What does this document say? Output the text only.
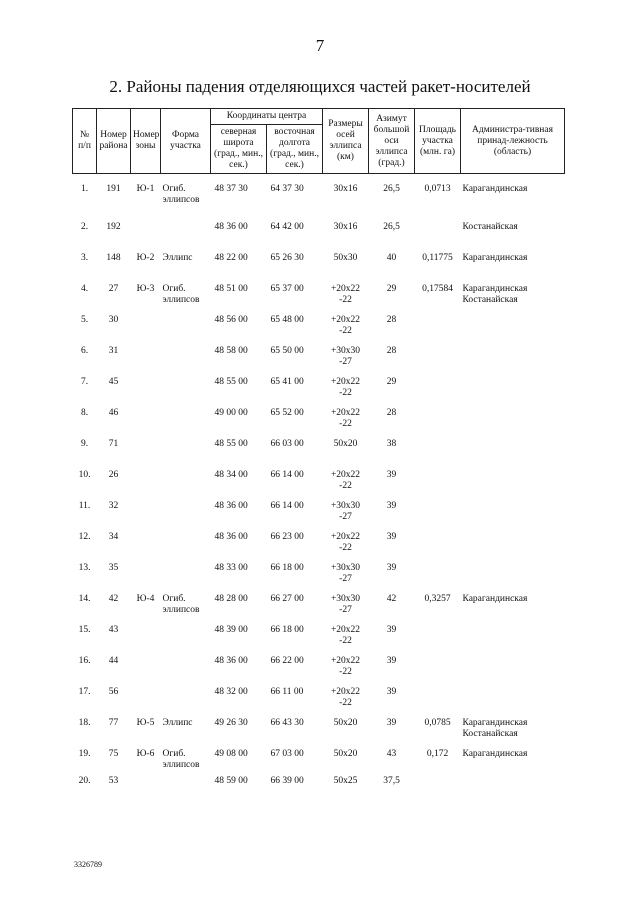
7
2. Районы падения отделяющихся частей ракет-носителей
№ п/п	Номер района	Номер зоны	Форма участка	Координаты центра		Размеры осей эллипса (км)	Азимут большой оси эллипса (град.)	Площадь участка (млн. га)	Администра-тивная принад-лежность (область)
				северная широта (град., мин., сек.)	восточная долгота (град., мин., сек.)				

1.	191	Ю-1	Огиб. эллипсов	48 37 30	64 37 30	30x16	26,5	0,0713	Карагандинская
2.	192			48 36 00	64 42 00	30x16	26,5		Костанайская
3.	148	Ю-2	Эллипс	48 22 00	65 26 30	50x30	40	0,11775	Карагандинская
4.	27	Ю-3	Огиб. эллипсов	48 51 00	65 37 00	+20x22 -22	29	0,17584	Карагандинская Костанайская
5.	30			48 56 00	65 48 00	+20x22 -22	28		
6.	31			48 58 00	65 50 00	+30x30 -27	28		
7.	45			48 55 00	65 41 00	+20x22 -22	29		
8.	46			49 00 00	65 52 00	+20x22 -22	28		
9.	71			48 55 00	66 03 00	50x20	38		
10.	26			48 34 00	66 14 00	+20x22 -22	39		
11.	32			48 36 00	66 14 00	+30x30 -27	39		
12.	34			48 36 00	66 23 00	+20x22 -22	39		
13.	35			48 33 00	66 18 00	+30x30 -27	39		
14.	42	Ю-4	Огиб. эллипсов	48 28 00	66 27 00	+30x30 -27	42	0,3257	Карагандинская
15.	43			48 39 00	66 18 00	+20x22 -22	39		
16.	44			48 36 00	66 22 00	+20x22 -22	39		
17.	56			48 32 00	66 11 00	+20x22 -22	39		
18.	77	Ю-5	Эллипс	49 26 30	66 43 30	50x20	39	0,0785	Карагандинская Костанайская
19.	75	Ю-6	Огиб. эллипсов	49 08 00	67 03 00	50x20	43	0,172	Карагандинская
20.	53			48 59 00	66 39 00	50x25	37,5		
3326789
